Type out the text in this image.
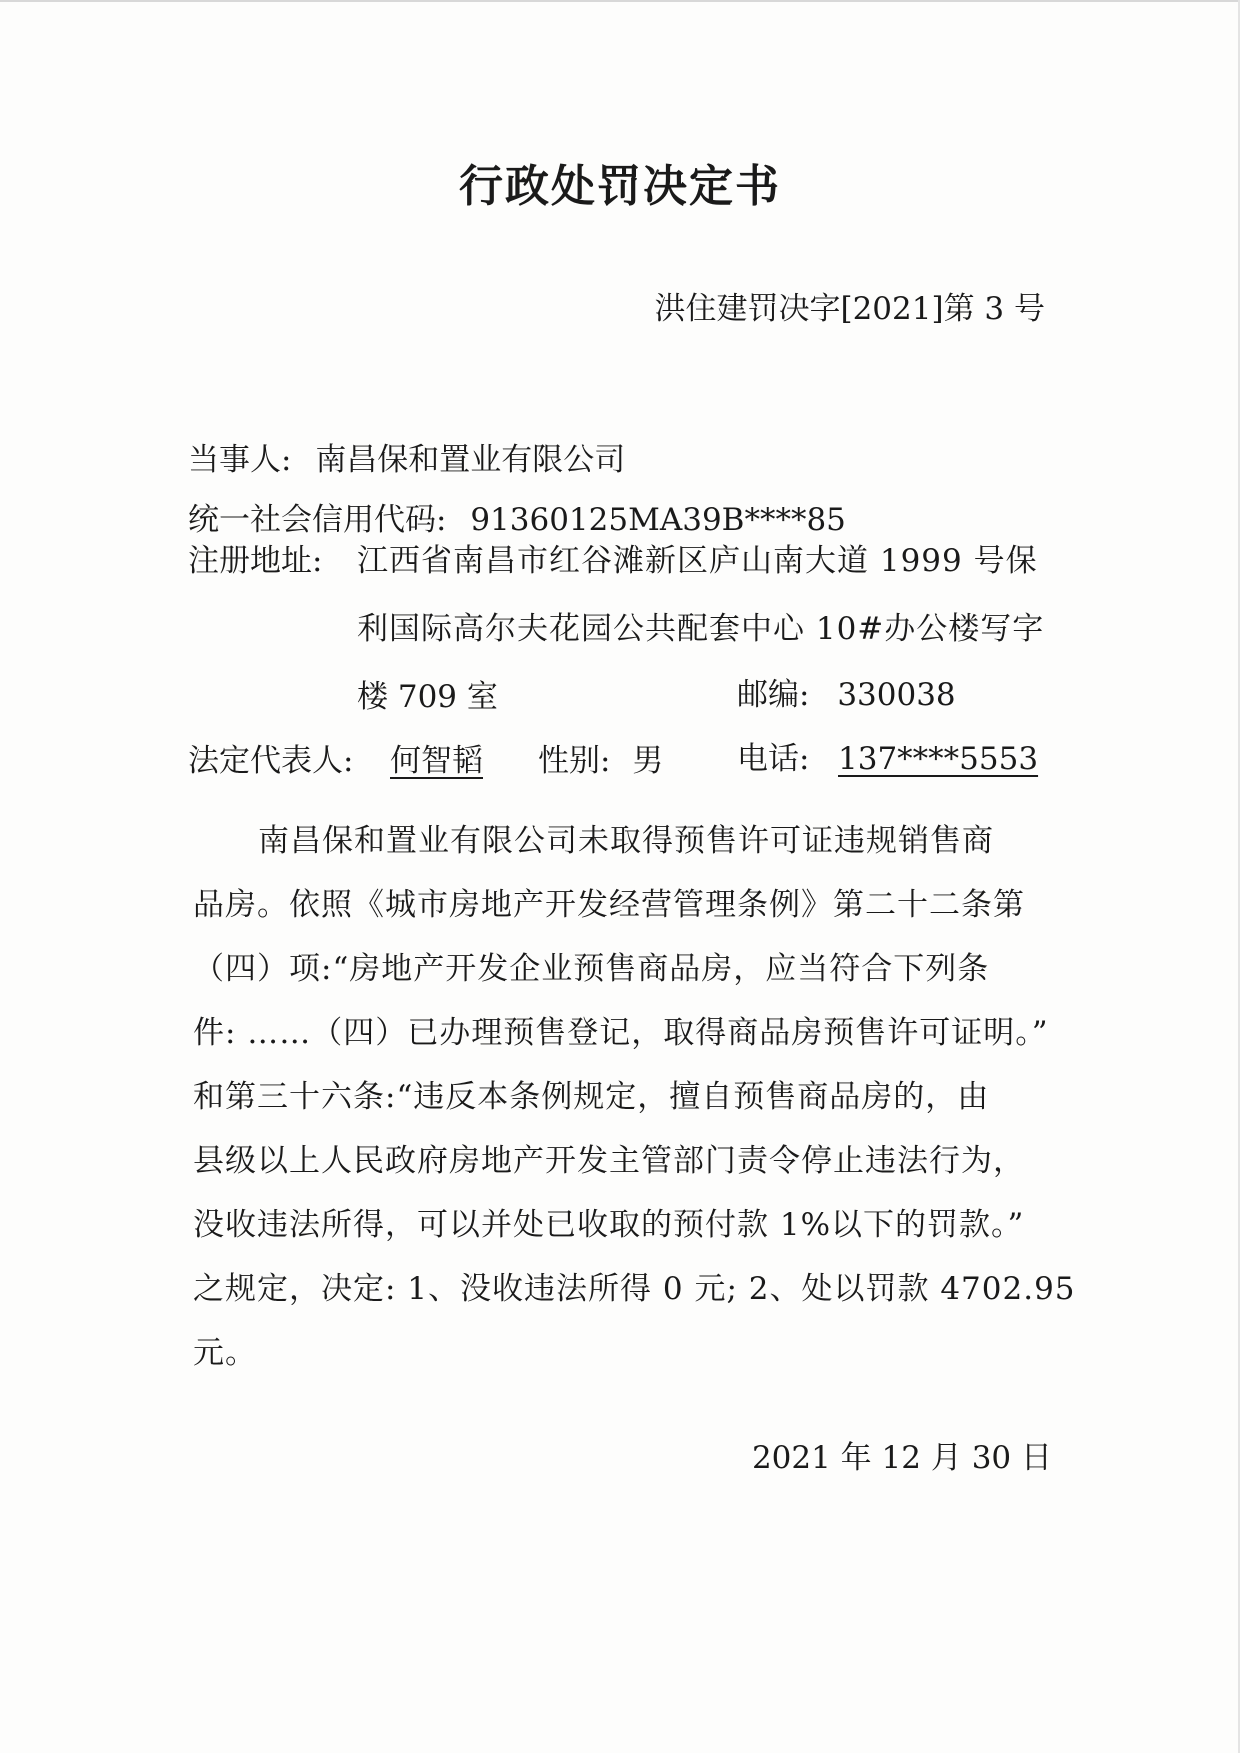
行政处罚决定书
洪住建罚决字[2021]第 3 号
当事人: 南昌保和置业有限公司
统一社会信用代码: 91360125MA39B****85
注册地址: 江西省南昌市红谷滩新区庐山南大道 1999 号保
利国际高尔夫花园公共配套中心 10#办公楼写字
楼 709 室	邮编: 330038
法定代表人: 何智韬 性别: 男 电话: 137****5553
南昌保和置业有限公司未取得预售许可证违规销售商
品房。依照《城市房地产开发经营管理条例》第二十二条第
（四）项:“房地产开发企业预售商品房，应当符合下列条
件: ……（四）已办理预售登记，取得商品房预售许可证明。”
和第三十六条:“违反本条例规定，擅自预售商品房的，由
县级以上人民政府房地产开发主管部门责令停止违法行为，
没收违法所得，可以并处已收取的预付款 1%以下的罚款。”
之规定，决定: 1、没收违法所得 0 元; 2、处以罚款 4702.95
元。
2021 年 12 月 30 日
